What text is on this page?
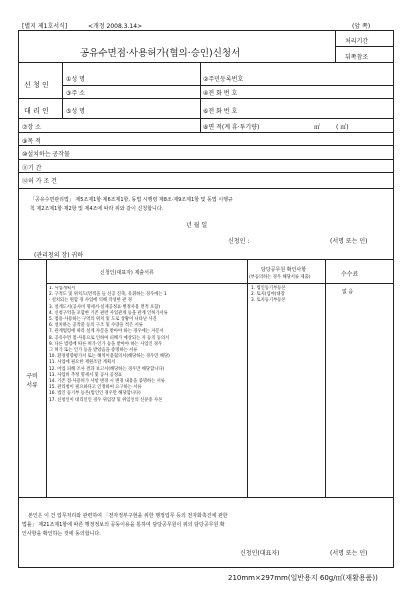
[별지 제1호서식]	<개정 2008.3.14>	(앞 쪽)
공유수면점·사용허가(협의·승인)신청서
처리기간
뒤쪽참조
신 청 인
①성 명	②주민등록번호
③주 소	④전 화 번 호
대 리 인	⑤성 명	⑥전 화 번 호
⑦장 소	⑧면 적(계 휴·투기량)	㎡	( ㎥)
⑨목 적
⑩설치하는 공작물
⑪기 간
⑫허 가 조 건
「공유수면관리법」 제5조제1항·제6조제1항, 동법 시행령 제8조·제9조제1항 및 동법 시행규
칙 제2조제1항·제2항 및 제4조에 따라 위와 같이 신청합니다.
년 월 일
신청인 :	(서명 또는 인)
(관리청의 장) 귀하
구비
서류
신청인(대표자) 제출서류	담당공무원 확인사항
(부동의하는 경우 해당서류 제출)	수수료
1. 사업계획서
2. 구적도 및 위치도(면적을 들 신공 진축, 유휘하는 경우에는 1
· 설치되는 원합 경 사업에 의해 작성한 관 경
3. 설계도서(공사비 명세서·실제공정표·별정사용 면적 포함)
4. 신청구역을 포함한 기존 관련 사업관계 등을 관계 인허가서류
5. 점용·사용하는 구역의 위치 및 도로 상황이 나타난 사진
6. 설치하는 공작물 등의 구조 및 수량을 적은 서류
7. 관계법령에 따라 설계 자문을 받아야 하는 경우에는 자문서
8. 공유수면 점·사용으로 인하여 피해가 예상되는 자 등의 동의서
9. 다른 법령에 따른 허가·인가 등을 받아야 하는 사업인 경우
그 허가 또는 인가 등을 받았음을 증명하는 서류
10. 환경영향평가서 또는 해역이용협의서(해당하는 경우만 해당)
11. 사업에 필요한 재원조달 계획서
12. 어업 피해 조사 결과 보고서(해당하는 경우만 해당합니다)
13. 사업비 추정 명세서 및 공사 공정표
14. 기존 점·사용허가 사항 변경 시 변경 내용을 증명하는 서류
15. 관리청이 필요하다고 인정하여 요구하는 서류
16. 법인 등기부 등본(법인인 경우만 해당합니다)
17. 신청인이 대리인인 경우 위임장 및 위임인의 신분증 사본
1. 법인등기부등본
2. 토지(임야)대장
3. 토지등기부등본
없 음
본인은 이 건 업무처리와 관련하여 「전자정부구현을 위한 행정업무 등의 전자화촉진에 관한
법률」 제21조제1항에 따른 행정정보의 공동이용을 통하여 담당공무원이 위의 담당공무원 확
인사항을 확인하는 것에 동의합니다.
신청인(대표자)	(서명 또는 인)
210mm×297mm(일반용지 60g/㎡(재활용품))
